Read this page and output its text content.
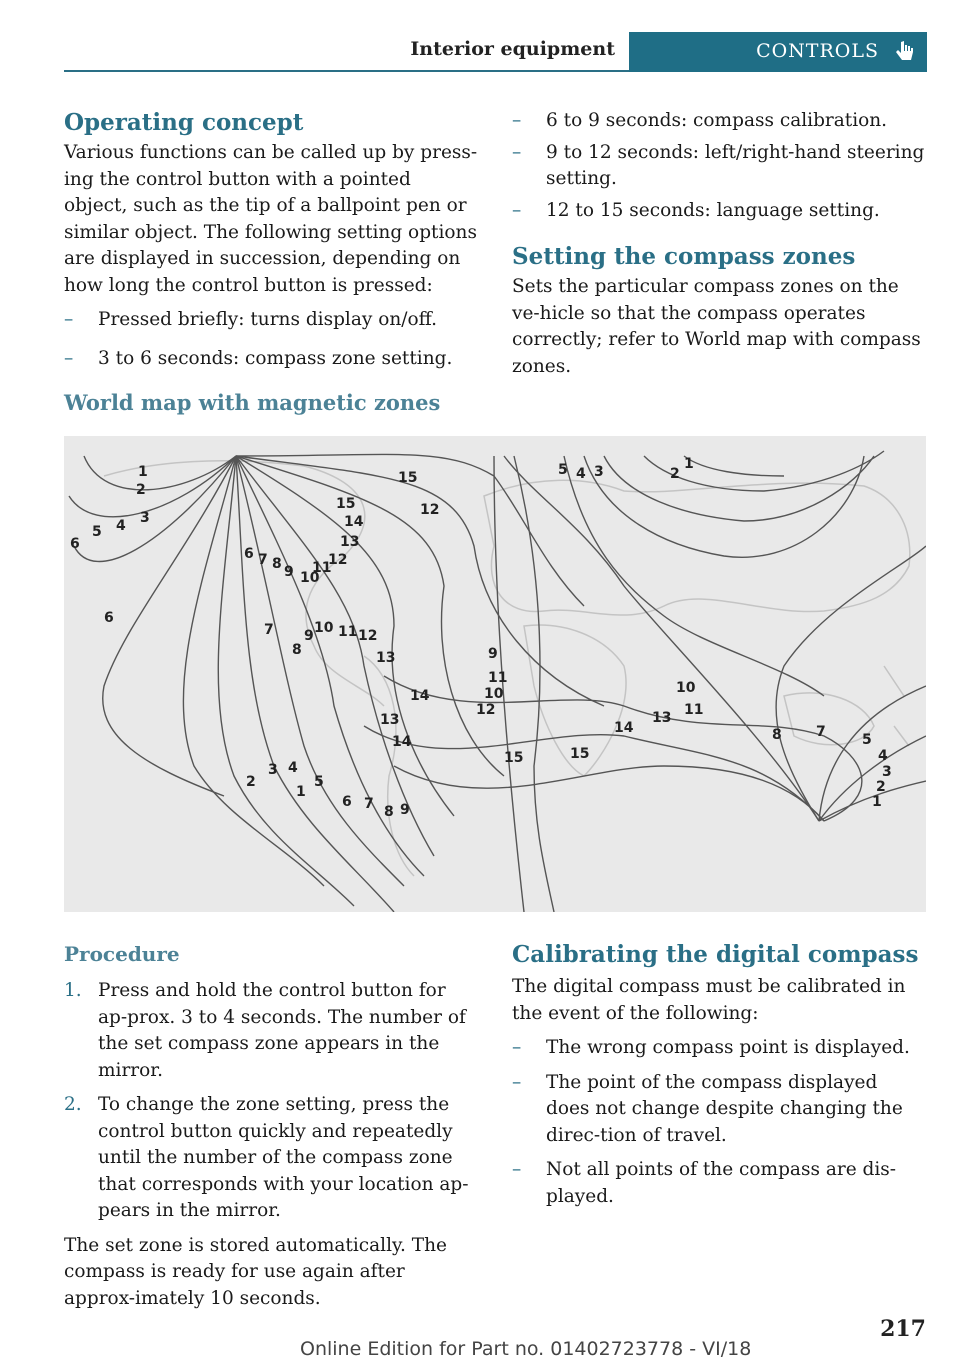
Interior equipment	CONTROLS
Operating concept

Various functions can be called up by press-ing the control button with a pointed object, such as the tip of a ballpoint pen or similar object. The following setting options are displayed in succession, depending on how long the control button is pressed:

– Pressed briefly: turns display on/off.
– 3 to 6 seconds: compass zone setting.
– 6 to 9 seconds: compass calibration.
– 9 to 12 seconds: left/right-hand steering setting.
– 12 to 15 seconds: language setting.
Setting the compass zones

Sets the particular compass zones on the ve-hicle so that the compass operates correctly; refer to World map with compass zones.

World map with magnetic zones
1
1
1
1
2
2
2
2
3
3
3
3
4
4
4
4
5
5
5
5
6
6
6
6
7
7
7
7
8
8
8
8
9
9
9
9
10
10
10	10
11
11
11
11
12
12
12
12
13
13
13	13
14
14
14
14
15
15
15	15
Procedure
1. Press and hold the control button for ap-prox. 3 to 4 seconds. The number of the set compass zone appears in the mirror.
2. To change the zone setting, press the control button quickly and repeatedly until the number of the compass zone that corresponds with your location ap-pears in the mirror.

The set zone is stored automatically. The compass is ready for use again after approx-imately 10 seconds.

Calibrating the digital compass

The digital compass must be calibrated in the event of the following:

– The wrong compass point is displayed.
– The point of the compass displayed does not change despite changing the direc-tion of travel.
– Not all points of the compass are dis-played.
217
Online Edition for Part no. 01402723778 - VI/18
